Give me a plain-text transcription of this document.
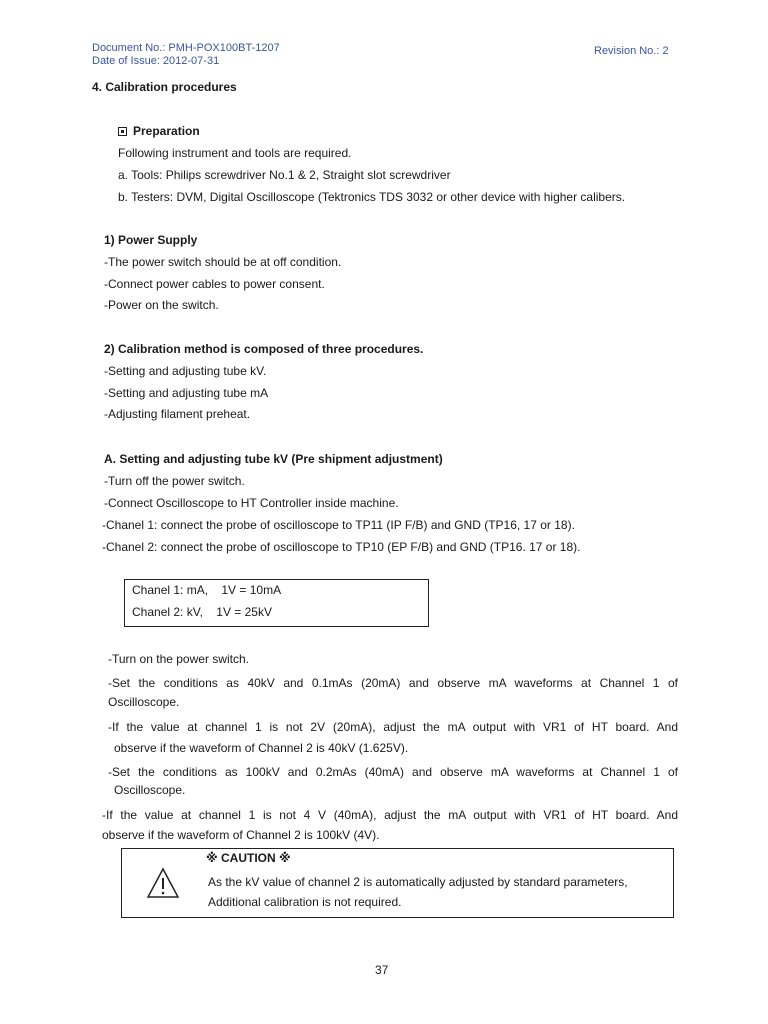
Document No.: PMH-POX100BT-1207
Date of Issue: 2012-07-31
Revision No.: 2
4. Calibration procedures
Preparation
Following instrument and tools are required.
a. Tools: Philips screwdriver No.1 & 2, Straight slot screwdriver
b. Testers: DVM, Digital Oscilloscope (Tektronics TDS 3032 or other device with higher calibers.
1) Power Supply
-The power switch should be at off condition.
-Connect power cables to power consent.
-Power on the switch.
2) Calibration method is composed of three procedures.
-Setting and adjusting tube kV.
-Setting and adjusting tube mA
-Adjusting filament preheat.
A. Setting and adjusting tube kV (Pre shipment adjustment)
-Turn off the power switch.
-Connect Oscilloscope to HT Controller inside machine.
-Chanel 1: connect the probe of oscilloscope to TP11 (IP F/B) and GND (TP16, 17 or 18).
-Chanel 2: connect the probe of oscilloscope to TP10 (EP F/B) and GND (TP16. 17 or 18).
Chanel 1: mA,    1V = 10mA
Chanel 2: kV,    1V = 25kV
-Turn on the power switch.
-Set the conditions as 40kV and 0.1mAs (20mA) and observe mA waveforms at Channel 1 of
Oscilloscope.
-If the value at channel 1 is not 2V (20mA), adjust the mA output with VR1 of HT board. And
observe if the waveform of Channel 2 is 40kV (1.625V).
-Set the conditions as 100kV and 0.2mAs (40mA) and observe mA waveforms at Channel 1 of
Oscilloscope.
-If the value at channel 1 is not 4 V (40mA), adjust the mA output with VR1 of HT board. And
observe if the waveform of Channel 2 is 100kV (4V).
※ CAUTION ※
As the kV value of channel 2 is automatically adjusted by standard parameters,
Additional calibration is not required.
37
